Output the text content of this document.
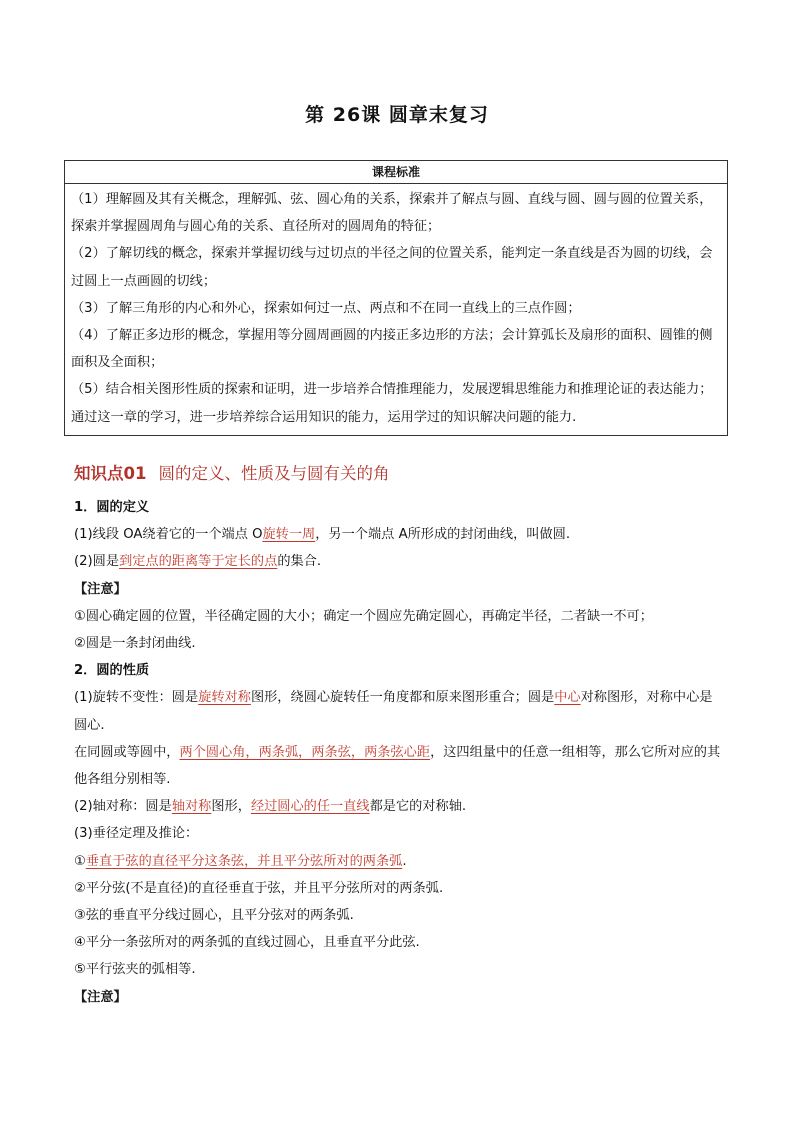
第 26课 圆章末复习
课程标准

（1）理解圆及其有关概念，理解弧、弦、圆心角的关系，探索并了解点与圆、直线与圆、圆与圆的位置关系，探索并掌握圆周角与圆心角的关系、直径所对的圆周角的特征；

（2）了解切线的概念，探索并掌握切线与过切点的半径之间的位置关系，能判定一条直线是否为圆的切线，会过圆上一点画圆的切线；

（3）了解三角形的内心和外心，探索如何过一点、两点和不在同一直线上的三点作圆；

（4）了解正多边形的概念，掌握用等分圆周画圆的内接正多边形的方法；会计算弧长及扇形的面积、圆锥的侧面积及全面积；

（5）结合相关图形性质的探索和证明，进一步培养合情推理能力，发展逻辑思维能力和推理论证的表达能力；通过这一章的学习，进一步培养综合运用知识的能力，运用学过的知识解决问题的能力.

知识点01 圆的定义、性质及与圆有关的角

1．圆的定义

(1)线段 OA绕着它的一个端点 O旋转一周，另一个端点 A所形成的封闭曲线，叫做圆.

(2)圆是到定点的距离等于定长的点的集合.

【注意】

①圆心确定圆的位置，半径确定圆的大小；确定一个圆应先确定圆心，再确定半径，二者缺一不可；

②圆是一条封闭曲线.

2．圆的性质

(1)旋转不变性：圆是旋转对称图形，绕圆心旋转任一角度都和原来图形重合；圆是中心对称图形，对称中心是圆心.

在同圆或等圆中，两个圆心角，两条弧，两条弦，两条弦心距，这四组量中的任意一组相等，那么它所对应的其他各组分别相等.

(2)轴对称：圆是轴对称图形，经过圆心的任一直线都是它的对称轴.

(3)垂径定理及推论：

①垂直于弦的直径平分这条弦，并且平分弦所对的两条弧.

②平分弦(不是直径)的直径垂直于弦，并且平分弦所对的两条弧.

③弦的垂直平分线过圆心，且平分弦对的两条弧.

④平分一条弦所对的两条弧的直线过圆心，且垂直平分此弦.

⑤平行弦夹的弧相等.

【注意】
